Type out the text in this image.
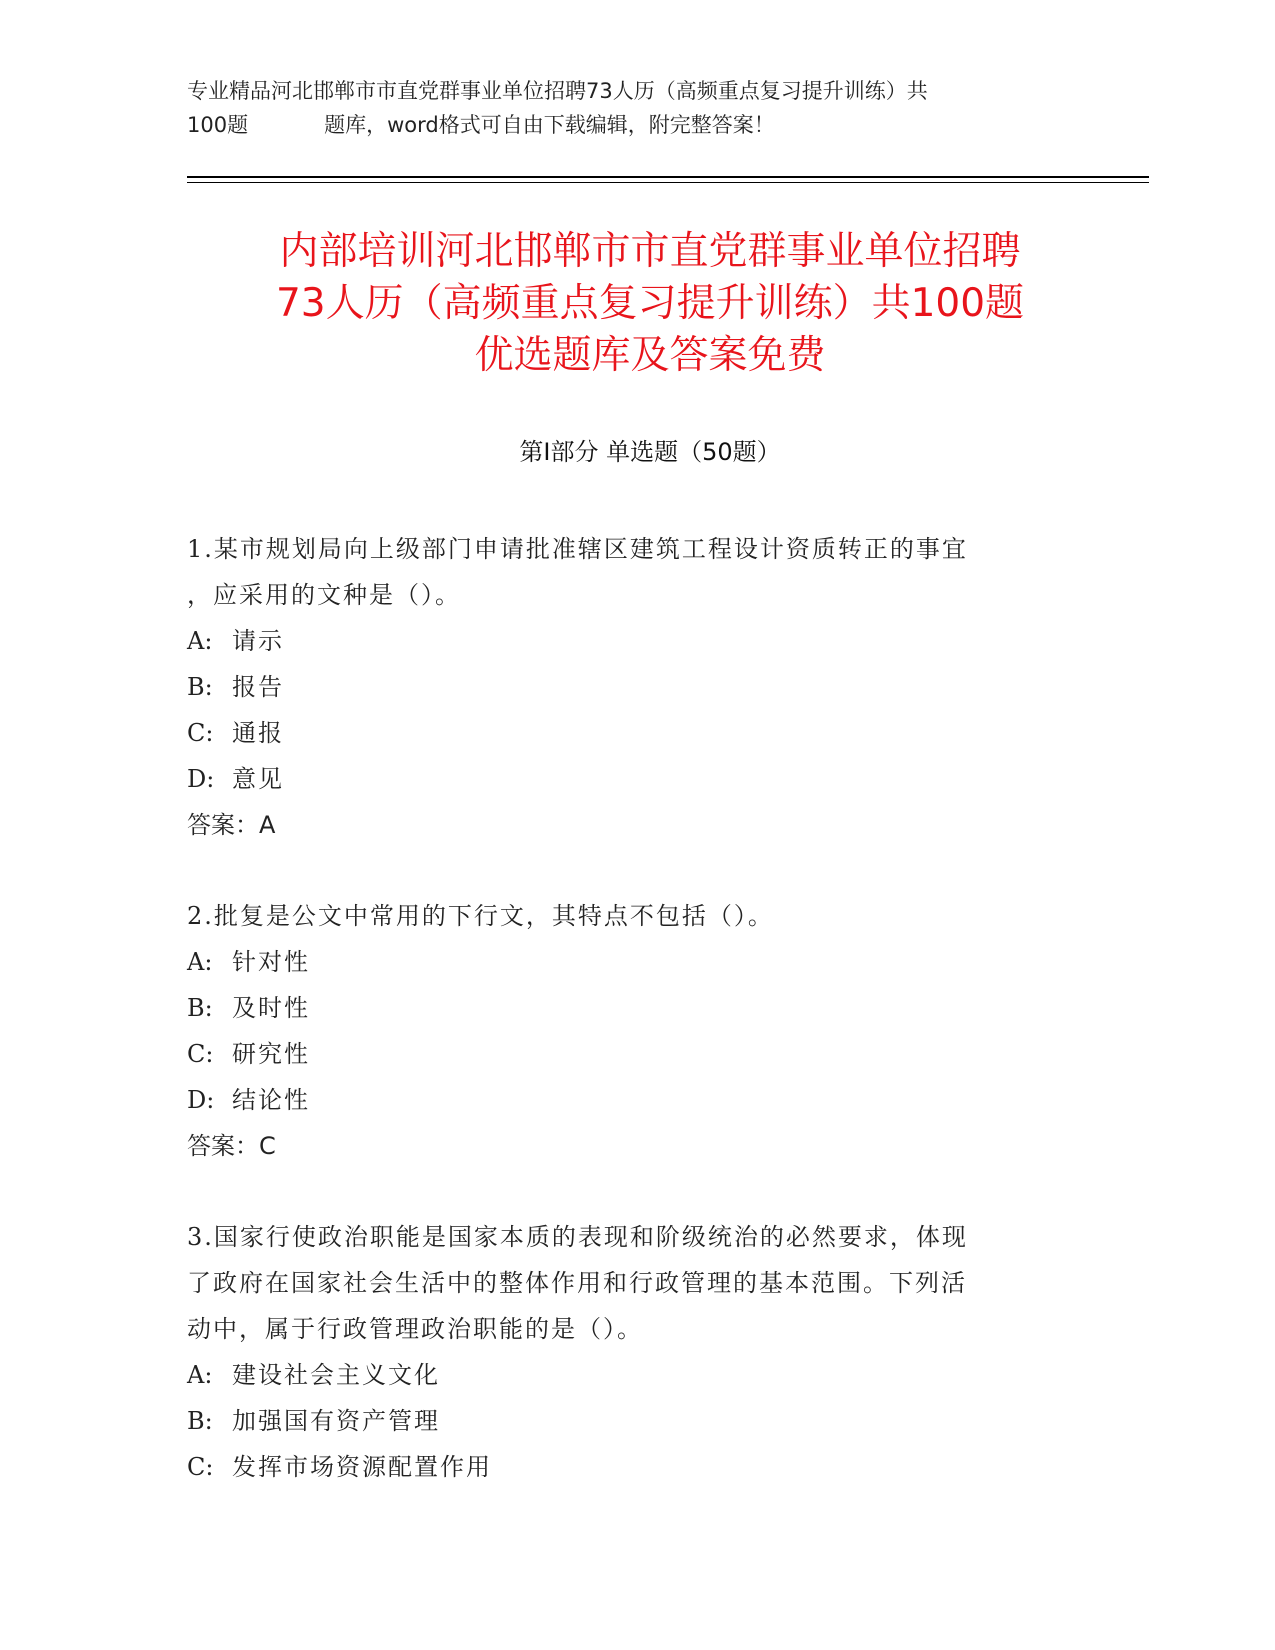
专业精品河北邯郸市市直党群事业单位招聘73人历（高频重点复习提升训练）共
100题	题库，word格式可自由下载编辑，附完整答案！

内部培训河北邯郸市市直党群事业单位招聘
73人历（高频重点复习提升训练）共100题
优选题库及答案免费
第Ⅰ部分 单选题（50题）
1.某市规划局向上级部门申请批准辖区建筑工程设计资质转正的事宜
，应采用的文种是（）。
A: 请示
B: 报告
C: 通报
D: 意见
答案：A
2.批复是公文中常用的下行文，其特点不包括（）。
A: 针对性
B: 及时性
C: 研究性
D: 结论性
答案：C
3.国家行使政治职能是国家本质的表现和阶级统治的必然要求，体现
了政府在国家社会生活中的整体作用和行政管理的基本范围。下列活
动中，属于行政管理政治职能的是（）。
A: 建设社会主义文化
B: 加强国有资产管理
C: 发挥市场资源配置作用
